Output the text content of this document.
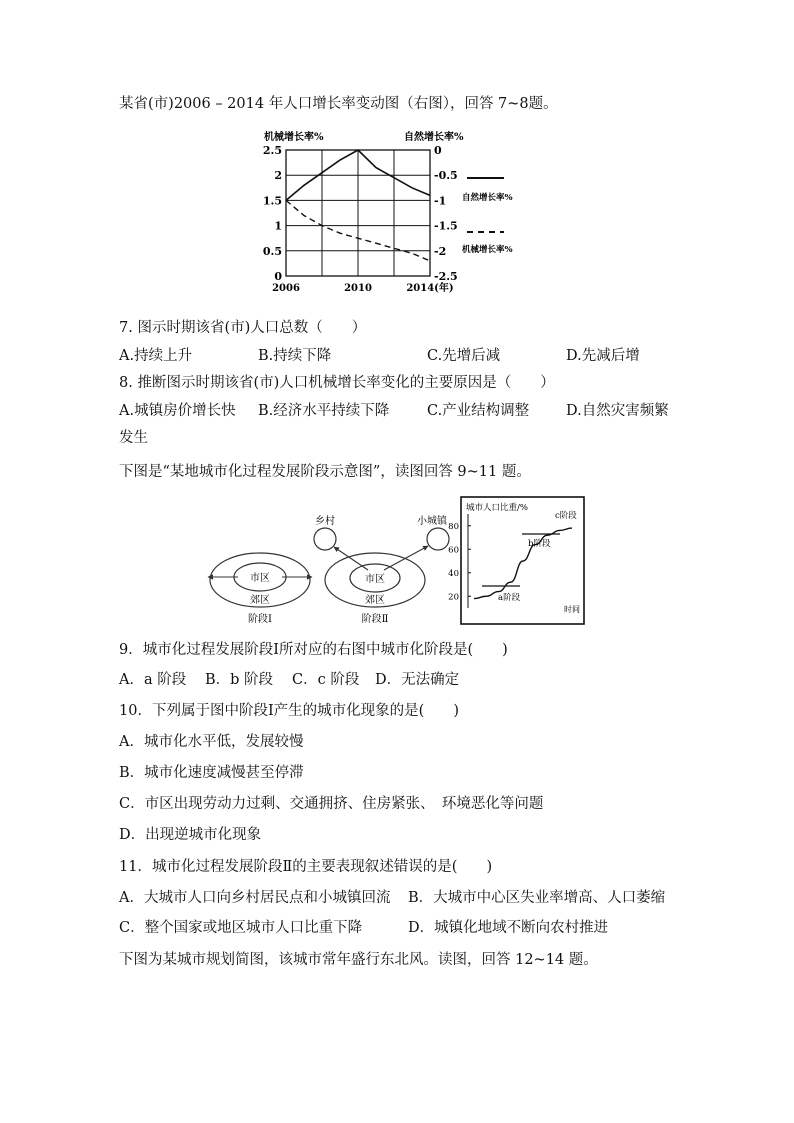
某省(市)2006 – 2014 年人口增长率变动图（右图），回答 7~8题。
机械增长率%	自然增长率%
2.5
2
1.5
1
0.5
0
0
-0.5
-1
-1.5
-2
-2.5
2006	2010	2014(年)
自然增长率%
机械增长率%
7. 图示时期该省(市)人口总数（　　）
A.持续上升	B.持续下降	C.先增后减	D.先减后增
8. 推断图示时期该省(市)人口机械增长率变化的主要原因是（　　）
A.城镇房价增长快 B.经济水平持续下降	C.产业结构调整	D.自然灾害频繁
发生
下图是“某地城市化过程发展阶段示意图”，读图回答 9~11 题。
市区
郊区
阶段Ⅰ
乡村	小城镇
市区
郊区
阶段Ⅱ
城市人口比重/%
20
40
60
80
a阶段
b阶段
c阶段
时间
9．城市化过程发展阶段Ⅰ所对应的右图中城市化阶段是(　　)
A．a 阶段 B．b 阶段 C．c 阶段 D．无法确定
10．下列属于图中阶段Ⅰ产生的城市化现象的是(　　)
A．城市化水平低，发展较慢
B．城市化速度减慢甚至停滞
C．市区出现劳动力过剩、交通拥挤、住房紧张、　环境恶化等问题
D．出现逆城市化现象
11．城市化过程发展阶段Ⅱ的主要表现叙述错误的是(　　)
A．大城市人口向乡村居民点和小城镇回流 B．大城市中心区失业率增高、人口萎缩
C．整个国家或地区城市人口比重下降	D．城镇化地域不断向农村推进
下图为某城市规划简图，该城市常年盛行东北风。读图，回答 12~14 题。
